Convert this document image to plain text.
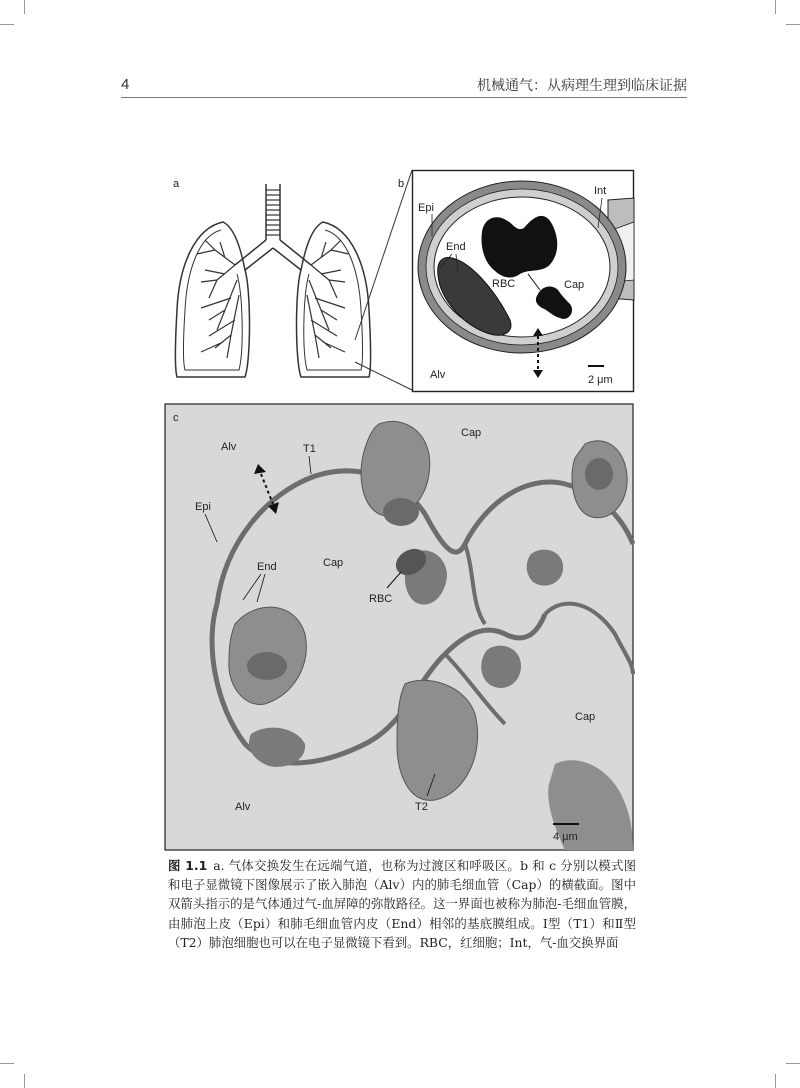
4	机械通气：从病理生理到临床证据
a	b
Epi
Int
End
RBC	Cap
Alv	2 μm
c
Alv	T1
Cap
Epi
End	Cap
RBC
Cap
Alv	T2
4 μm
图 1.1 a. 气体交换发生在远端气道，也称为过渡区和呼吸区。b 和 c 分别以模式图和电子显微镜下图像展示了嵌入肺泡（Alv）内的肺毛细血管（Cap）的横截面。图中双箭头指示的是气体通过气-血屏障的弥散路径。这一界面也被称为肺泡-毛细血管膜，由肺泡上皮（Epi）和肺毛细血管内皮（End）相邻的基底膜组成。Ⅰ型（T1）和Ⅱ型（T2）肺泡细胞也可以在电子显微镜下看到。RBC，红细胞；Int，气-血交换界面
